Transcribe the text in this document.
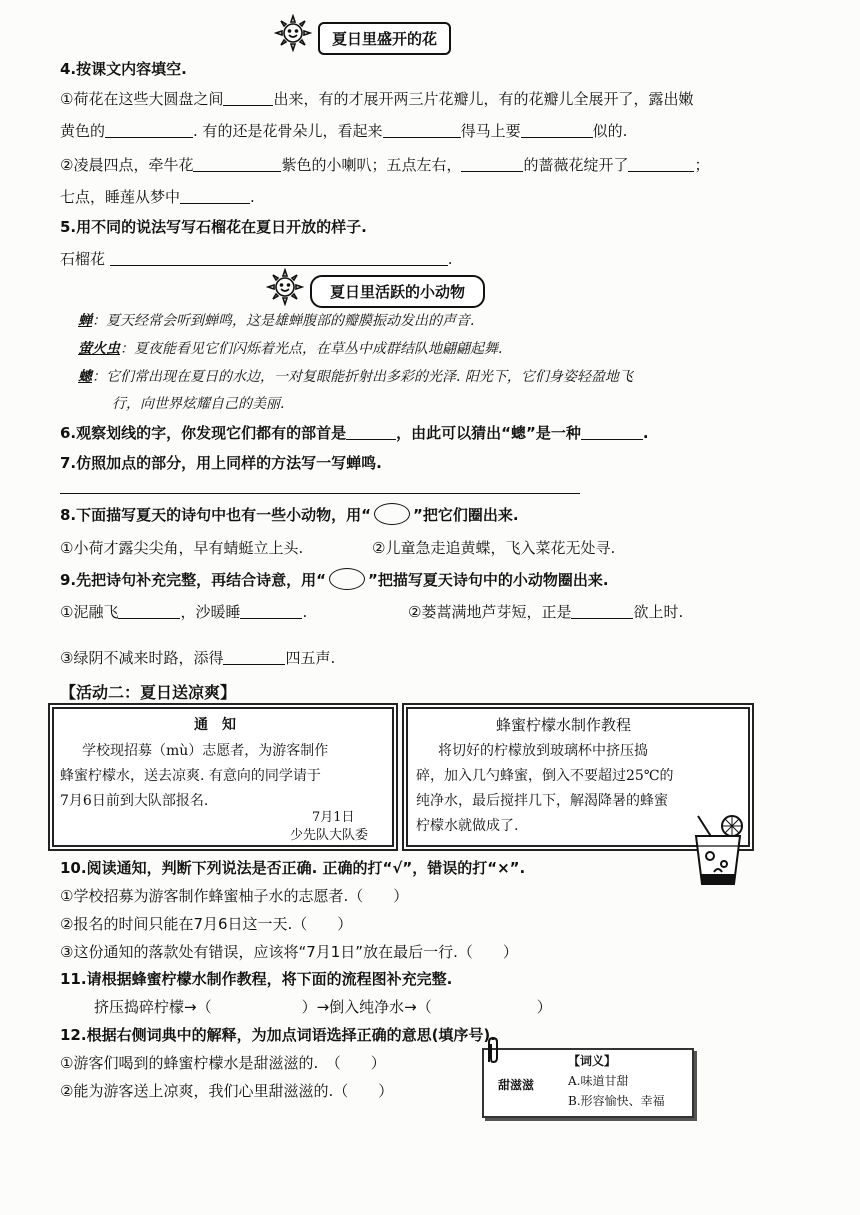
夏日里盛开的花
4.按课文内容填空.
①荷花在这些大圆盘之间	出来，有的才展开两三片花瓣儿，有的花瓣儿全展开了，露出嫩
黄色的	. 有的还是花骨朵儿，看起来	得马上要	似的.
②凌晨四点，牵牛花	紫色的小喇叭；五点左右，	的蔷薇花绽开了	；
七点，睡莲从梦中	.
5.用不同的说法写写石榴花在夏日开放的样子.
石榴花	.
夏日里活跃的小动物
蝉：夏天经常会听到蝉鸣，这是雄蝉腹部的瓣膜振动发出的声音.
萤火虫：夏夜能看见它们闪烁着光点，在草丛中成群结队地翩翩起舞.
蟌：它们常出现在夏日的水边，一对复眼能折射出多彩的光泽. 阳光下，它们身姿轻盈地飞
行，向世界炫耀自己的美丽.
6.观察划线的字，你发现它们都有的部首是	，由此可以猜出“蟌”是一种	.
7.仿照加点的部分，用上同样的方法写一写蝉鸣.
8.下面描写夏天的诗句中也有一些小动物，用“	”把它们圈出来.
①小荷才露尖尖角，早有蜻蜓立上头.	②儿童急走追黄蝶，飞入菜花无处寻.
9.先把诗句补充完整，再结合诗意，用“	”把描写夏天诗句中的小动物圈出来.
①泥融飞	，沙暖睡	.	②蒌蒿满地芦芽短，正是	欲上时.
③绿阴不减来时路，添得	四五声.
【活动二：夏日送凉爽】
通　知
学校现招募（mù）志愿者，为游客制作
蜂蜜柠檬水，送去凉爽. 有意向的同学请于
7月6日前到大队部报名.
7月1日
少先队大队委
蜂蜜柠檬水制作教程
将切好的柠檬放到玻璃杯中挤压捣
碎，加入几勺蜂蜜，倒入不要超过25℃的
纯净水，最后搅拌几下，解渴降暑的蜂蜜
柠檬水就做成了.
10.阅读通知，判断下列说法是否正确. 正确的打“√”，错误的打“×”.
①学校招募为游客制作蜂蜜柚子水的志愿者.（　　）
②报名的时间只能在7月6日这一天.（　　）
③这份通知的落款处有错误，应该将“7月1日”放在最后一行.（　　）
11.请根据蜂蜜柠檬水制作教程，将下面的流程图补充完整.
挤压捣碎柠檬→（　　　　　　）→倒入纯净水→（　　　　　　　）
12.根据右侧词典中的解释，为加点词语选择正确的意思(填序号).
①游客们喝到的蜂蜜柠檬水是甜滋滋的.　（　　）
②能为游客送上凉爽，我们心里甜滋滋的.（　　）
【词义】
甜滋滋	A.味道甘甜
B.形容愉快、幸福
